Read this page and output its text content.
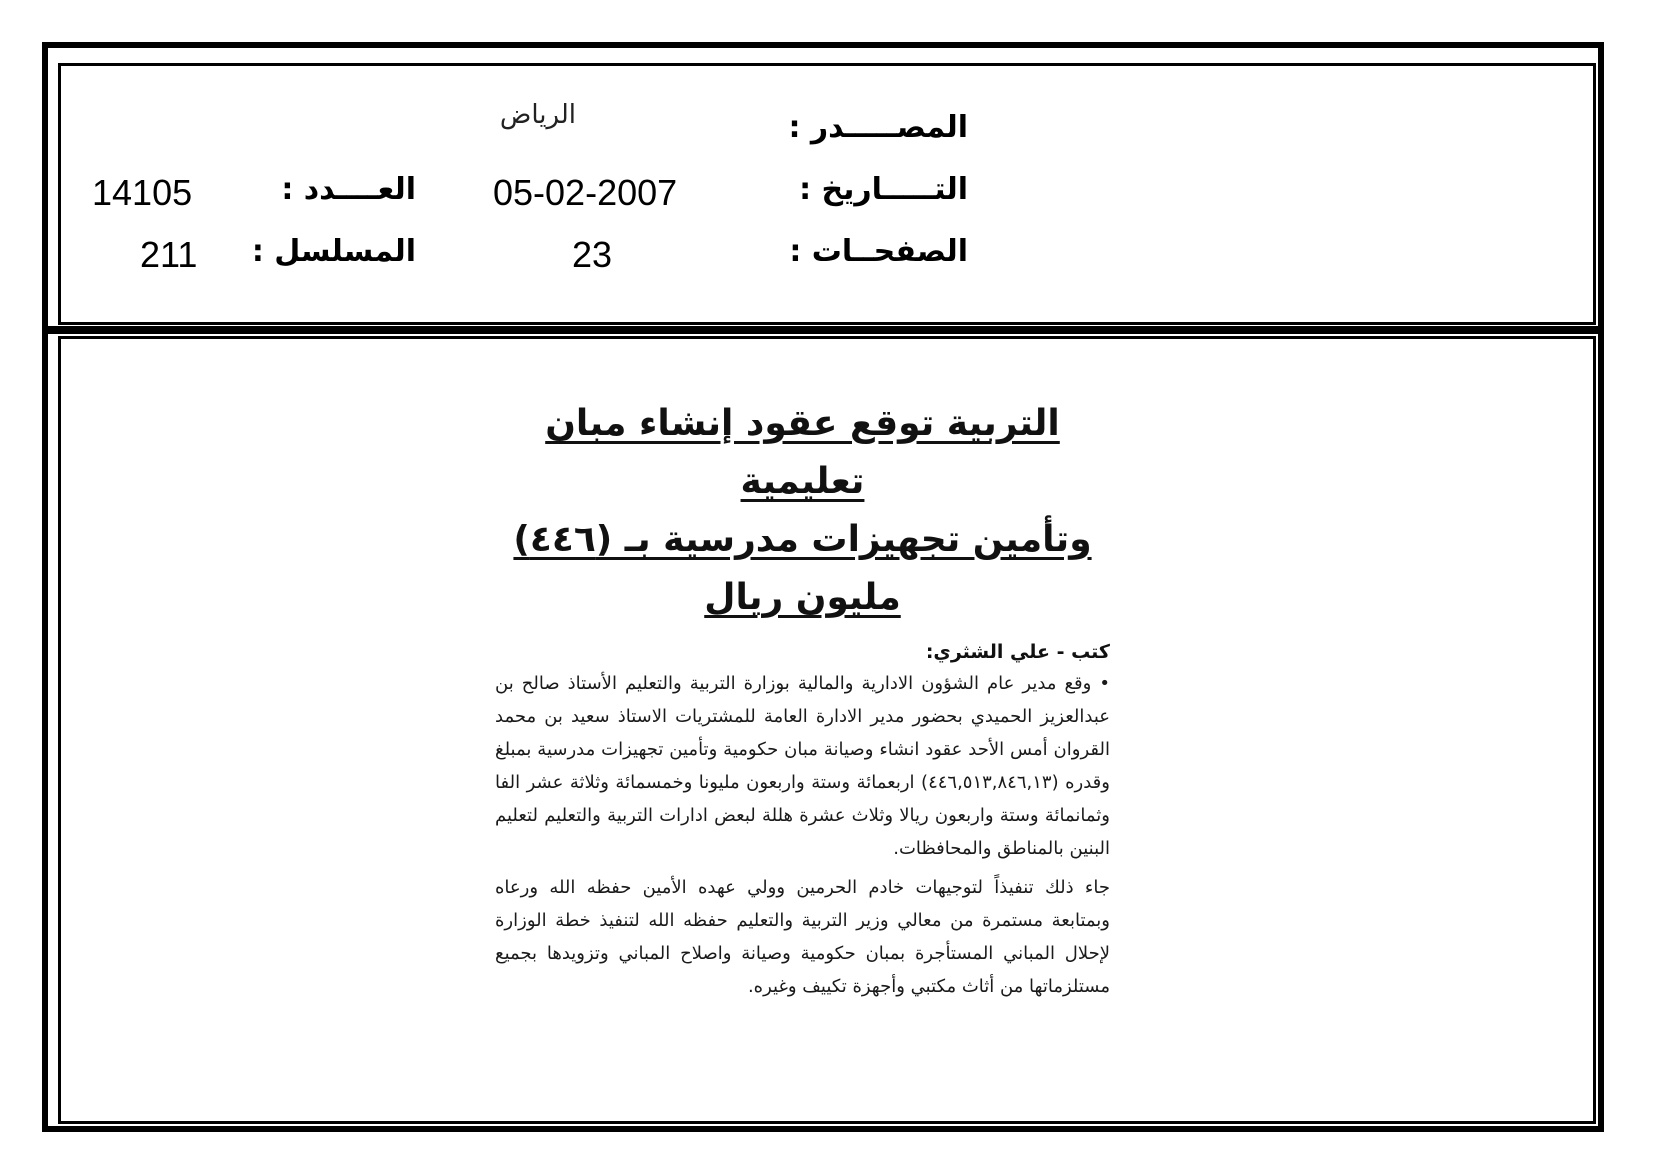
المصـــــدر :
الرياض
التـــــاريخ :
05-02-2007
العــــدد :
14105
الصفحــات :
23
المسلسل :
211

التربية توقع عقود إنشاء مبان تعليمية

وتأمين تجهيزات مدرسية بـ (٤٤٦) مليون ريال

كتب - علي الشثري:

• وقع مدير عام الشؤون الادارية والمالية بوزارة التربية والتعليم الأستاذ صالح بن عبدالعزيز الحميدي بحضور مدير الادارة العامة للمشتريات الاستاذ سعيد بن محمد القروان أمس الأحد عقود انشاء وصيانة مبان حكومية وتأمين تجهيزات مدرسية بمبلغ وقدره (٤٤٦,٥١٣,٨٤٦,١٣) اربعمائة وستة واربعون مليونا وخمسمائة وثلاثة عشر الفا وثمانمائة وستة واربعون ريالا وثلاث عشرة هللة لبعض ادارات التربية والتعليم لتعليم البنين بالمناطق والمحافظات.

جاء ذلك تنفيذاً لتوجيهات خادم الحرمين وولي عهده الأمين حفظه الله ورعاه وبمتابعة مستمرة من معالي وزير التربية والتعليم حفظه الله لتنفيذ خطة الوزارة لإحلال المباني المستأجرة بمبان حكومية وصيانة واصلاح المباني وتزويدها بجميع مستلزماتها من أثاث مكتبي وأجهزة تكييف وغيره.
